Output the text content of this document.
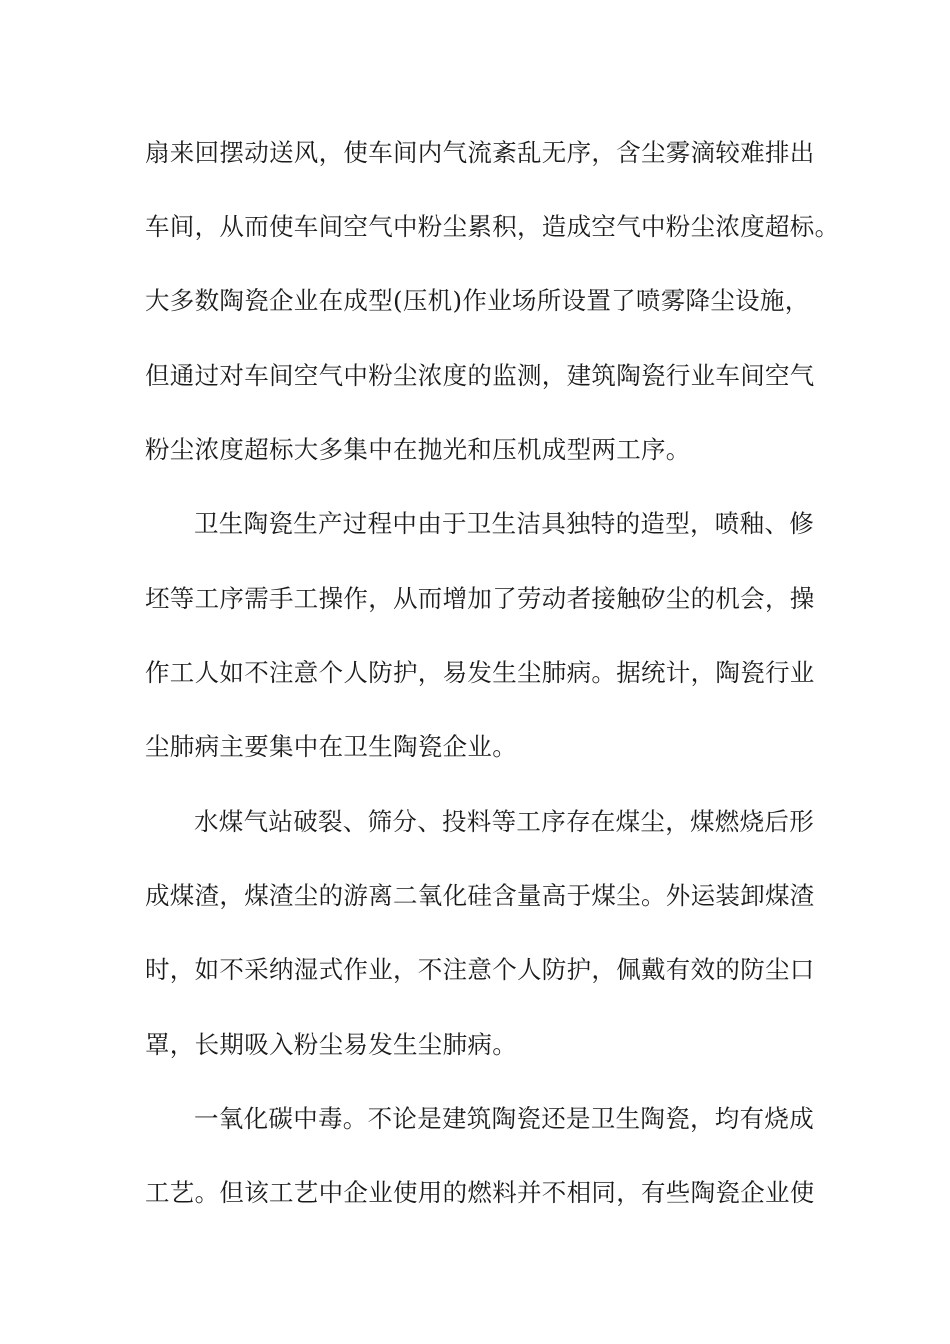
扇来回摆动送风，使车间内气流紊乱无序，含尘雾滴较难排出
车间，从而使车间空气中粉尘累积，造成空气中粉尘浓度超标。
大多数陶瓷企业在成型(压机)作业场所设置了喷雾降尘设施，
但通过对车间空气中粉尘浓度的监测，建筑陶瓷行业车间空气
粉尘浓度超标大多集中在抛光和压机成型两工序。
卫生陶瓷生产过程中由于卫生洁具独特的造型，喷釉、修
坯等工序需手工操作，从而增加了劳动者接触矽尘的机会，操
作工人如不注意个人防护，易发生尘肺病。据统计，陶瓷行业
尘肺病主要集中在卫生陶瓷企业。
水煤气站破裂、筛分、投料等工序存在煤尘，煤燃烧后形
成煤渣，煤渣尘的游离二氧化硅含量高于煤尘。外运装卸煤渣
时，如不采纳湿式作业，不注意个人防护，佩戴有效的防尘口
罩，长期吸入粉尘易发生尘肺病。
一氧化碳中毒。不论是建筑陶瓷还是卫生陶瓷，均有烧成
工艺。但该工艺中企业使用的燃料并不相同，有些陶瓷企业使
